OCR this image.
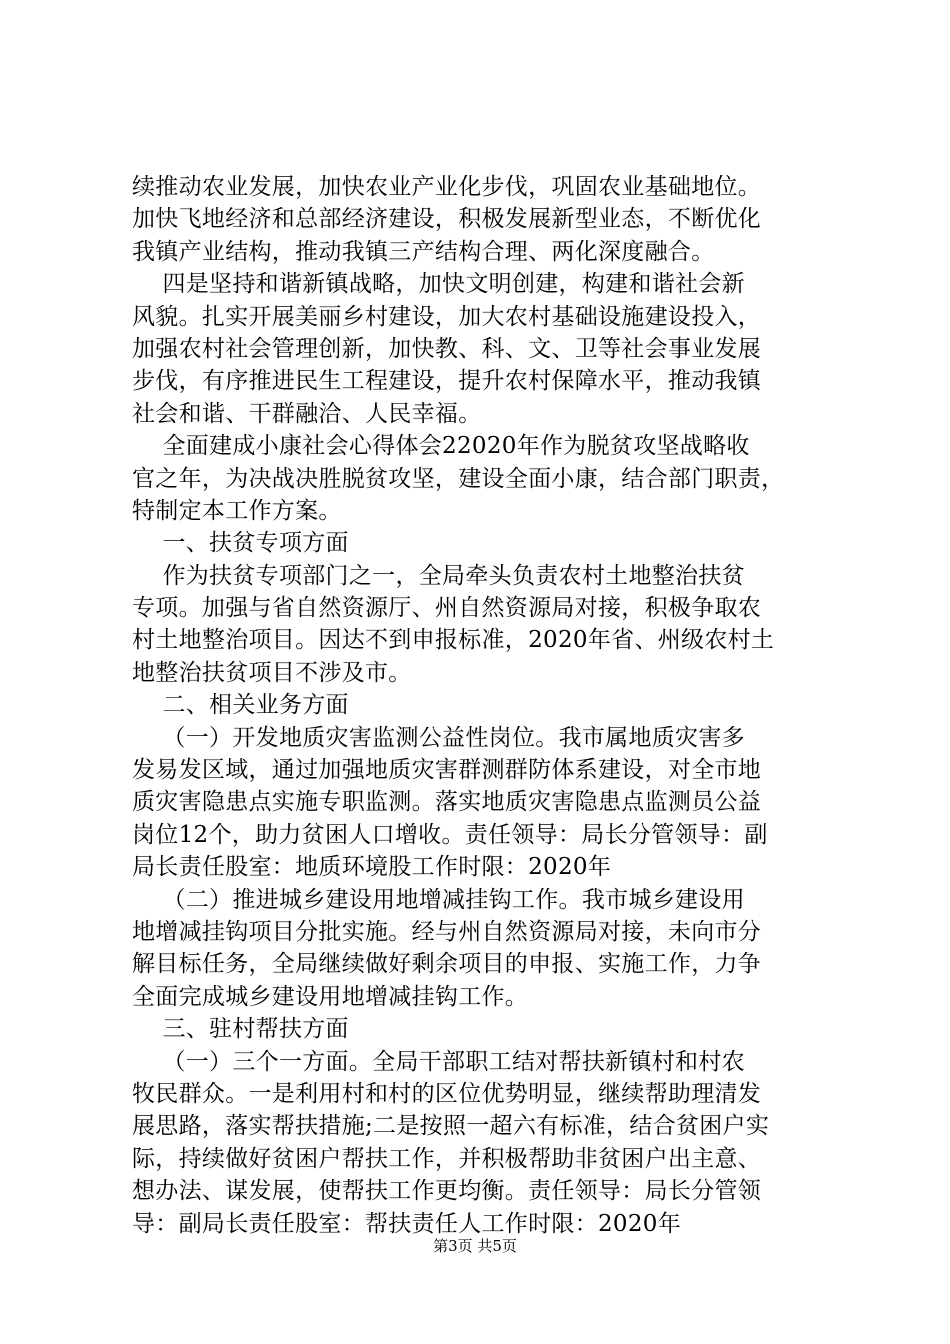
续推动农业发展，加快农业产业化步伐，巩固农业基础地位。
加快飞地经济和总部经济建设，积极发展新型业态，不断优化
我镇产业结构，推动我镇三产结构合理、两化深度融合。
四是坚持和谐新镇战略，加快文明创建，构建和谐社会新
风貌。扎实开展美丽乡村建设，加大农村基础设施建设投入，
加强农村社会管理创新，加快教、科、文、卫等社会事业发展
步伐，有序推进民生工程建设，提升农村保障水平，推动我镇
社会和谐、干群融洽、人民幸福。
全面建成小康社会心得体会22020年作为脱贫攻坚战略收
官之年，为决战决胜脱贫攻坚，建设全面小康，结合部门职责，
特制定本工作方案。
一、扶贫专项方面
作为扶贫专项部门之一，全局牵头负责农村土地整治扶贫
专项。加强与省自然资源厅、州自然资源局对接，积极争取农
村土地整治项目。因达不到申报标准，2020年省、州级农村土
地整治扶贫项目不涉及市。
二、相关业务方面
（一）开发地质灾害监测公益性岗位。我市属地质灾害多
发易发区域，通过加强地质灾害群测群防体系建设，对全市地
质灾害隐患点实施专职监测。落实地质灾害隐患点监测员公益
岗位12个，助力贫困人口增收。责任领导：局长分管领导：副
局长责任股室：地质环境股工作时限：2020年
（二）推进城乡建设用地增减挂钩工作。我市城乡建设用
地增减挂钩项目分批实施。经与州自然资源局对接，未向市分
解目标任务，全局继续做好剩余项目的申报、实施工作，力争
全面完成城乡建设用地增减挂钩工作。
三、驻村帮扶方面
（一）三个一方面。全局干部职工结对帮扶新镇村和村农
牧民群众。一是利用村和村的区位优势明显，继续帮助理清发
展思路，落实帮扶措施;二是按照一超六有标准，结合贫困户实
际，持续做好贫困户帮扶工作，并积极帮助非贫困户出主意、
想办法、谋发展，使帮扶工作更均衡。责任领导：局长分管领
导：副局长责任股室：帮扶责任人工作时限：2020年
第3页 共5页
